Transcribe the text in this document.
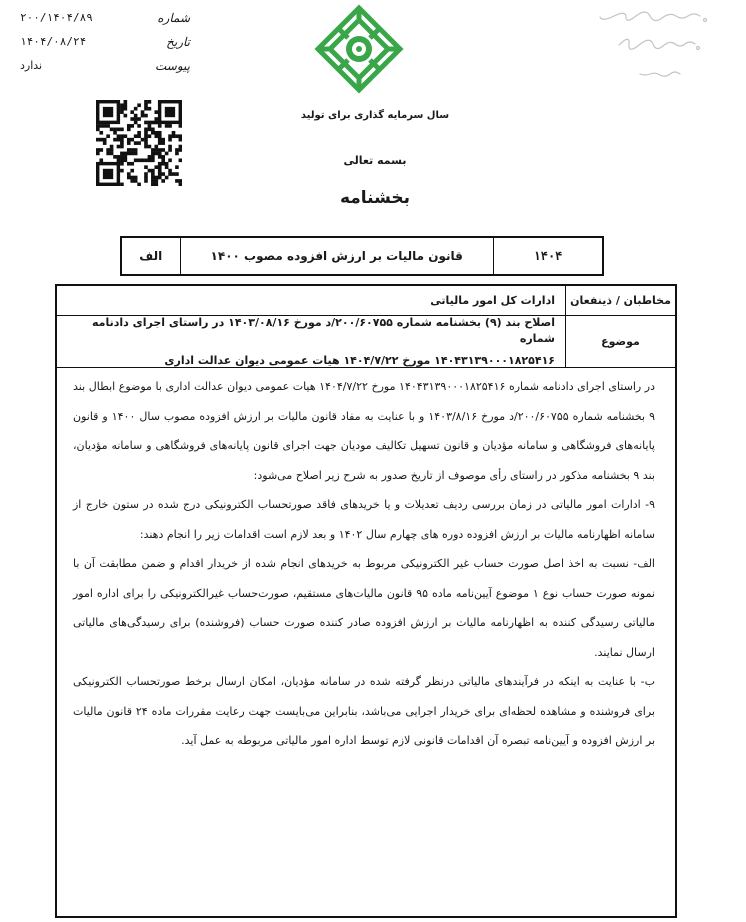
شماره
۲۰۰/۱۴۰۴/۸۹
تاریخ
۱۴۰۴/۰۸/۲۴
پیوست
ندارد
سال سرمایه گذاری برای تولید
بسمه تعالی
بخشنامه
۱۴۰۴
قانون مالیات بر ارزش افزوده مصوب ۱۴۰۰
الف
مخاطبان / ذینفعان
ادارات کل امور مالیاتی
موضوع
اصلاح بند (۹) بخشنامه شماره ۲۰۰/۶۰۷۵۵/د مورخ ۱۴۰۳/۰۸/۱۶ در راستای اجرای دادنامه شماره
۱۴۰۴۳۱۳۹۰۰۰۱۸۲۵۴۱۶ مورخ ۱۴۰۴/۷/۲۲ هیات عمومی دیوان عدالت اداری

در راستای اجرای دادنامه شماره ۱۴۰۴۳۱۳۹۰۰۰۱۸۲۵۴۱۶ مورخ ۱۴۰۴/۷/۲۲ هیات عمومی دیوان عدالت اداری با موضوع ابطال بند ۹ بخشنامه شماره ۲۰۰/۶۰۷۵۵/د مورخ ۱۴۰۳/۸/۱۶ و با عنایت به مفاد قانون مالیات بر ارزش افزوده مصوب سال ۱۴۰۰ و قانون پایانه‌های فروشگاهی و سامانه مؤدیان و قانون تسهیل تکالیف مودیان جهت اجرای قانون پایانه‌های فروشگاهی و سامانه مؤدیان، بند ۹ بخشنامه مذکور در راستای رأی موصوف از تاریخ صدور به شرح زیر اصلاح می‌شود:

۹- ادارات امور مالیاتی در زمان بررسی ردیف تعدیلات و یا خریدهای فاقد صورتحساب الکترونیکی درج شده در ستون خارج از سامانه اظهارنامه مالیات بر ارزش افزوده دوره های چهارم سال ۱۴۰۲ و بعد لازم است اقدامات زیر را انجام دهند:

الف- نسبت به اخذ اصل صورت حساب غیر الکترونیکی مربوط به خریدهای انجام شده از خریدار اقدام و ضمن مطابقت آن با نمونه صورت حساب نوع ۱ موضوع آیین‌نامه ماده ۹۵ قانون مالیات‌های مستقیم، صورت‌حساب غیرالکترونیکی را برای اداره امور مالیاتی رسیدگی کننده به اظهارنامه مالیات بر ارزش افزوده صادر کننده صورت حساب (فروشنده) برای رسیدگی‌های مالیاتی ارسال نمایند.

ب- با عنایت به اینکه در فرآیندهای مالیاتی درنظر گرفته شده در سامانه مؤدیان، امکان ارسال برخط صورتحساب الکترونیکی برای فروشنده و مشاهده لحظه‌ای برای خریدار اجرایی می‌باشد، بنابراین می‌بایست جهت رعایت مقررات ماده ۲۴ قانون مالیات بر ارزش افزوده و آیین‌نامه تبصره آن اقدامات قانونی لازم توسط اداره امور مالیاتی مربوطه به عمل آید.
